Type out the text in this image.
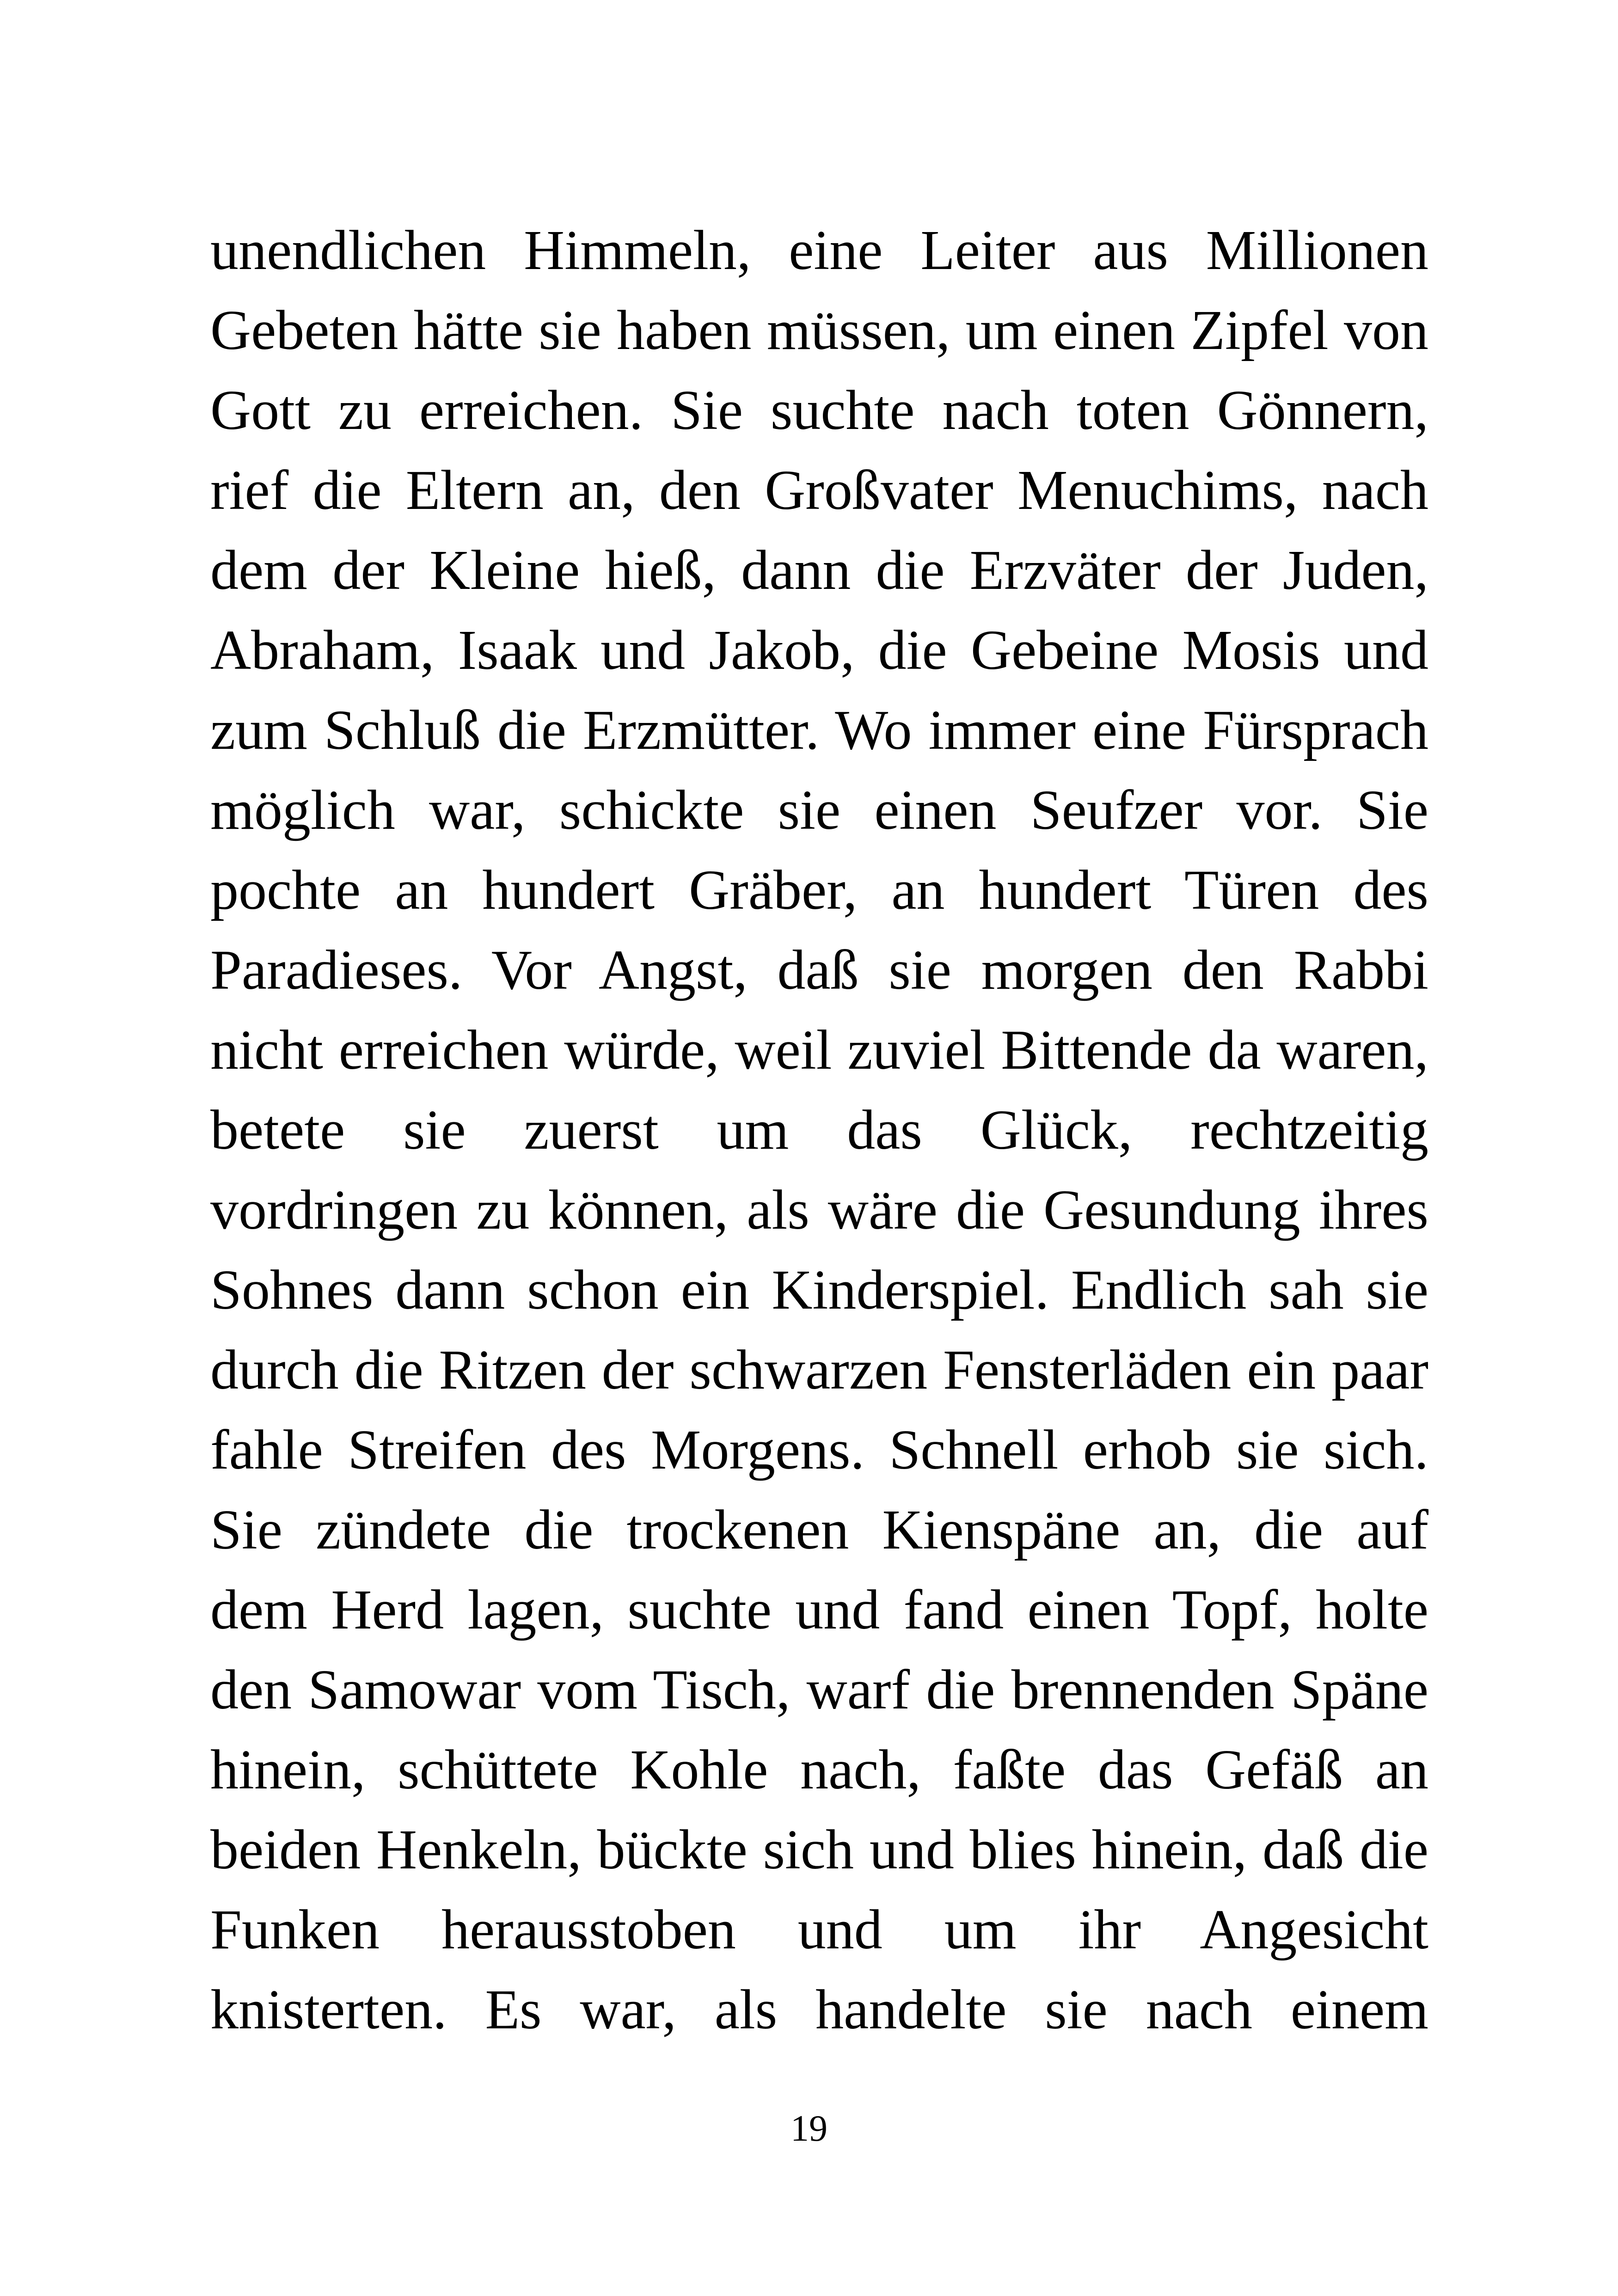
unendlichen Himmeln, eine Leiter aus Millionen
Gebeten hätte sie haben müssen, um einen Zipfel von
Gott zu erreichen. Sie suchte nach toten Gönnern,
rief die Eltern an, den Großvater Menuchims, nach
dem der Kleine hieß, dann die Erzväter der Juden,
Abraham, Isaak und Jakob, die Gebeine Mosis und
zum Schluß die Erzmütter. Wo immer eine Fürsprach
möglich war, schickte sie einen Seufzer vor. Sie
pochte an hundert Gräber, an hundert Türen des
Paradieses. Vor Angst, daß sie morgen den Rabbi
nicht erreichen würde, weil zuviel Bittende da waren,
betete sie zuerst um das Glück, rechtzeitig
vordringen zu können, als wäre die Gesundung ihres
Sohnes dann schon ein Kinderspiel. Endlich sah sie
durch die Ritzen der schwarzen Fensterläden ein paar
fahle Streifen des Morgens. Schnell erhob sie sich.
Sie zündete die trockenen Kienspäne an, die auf
dem Herd lagen, suchte und fand einen Topf, holte
den Samowar vom Tisch, warf die brennenden Späne
hinein, schüttete Kohle nach, faßte das Gefäß an
beiden Henkeln, bückte sich und blies hinein, daß die
Funken herausstoben und um ihr Angesicht
knisterten. Es war, als handelte sie nach einem
19
